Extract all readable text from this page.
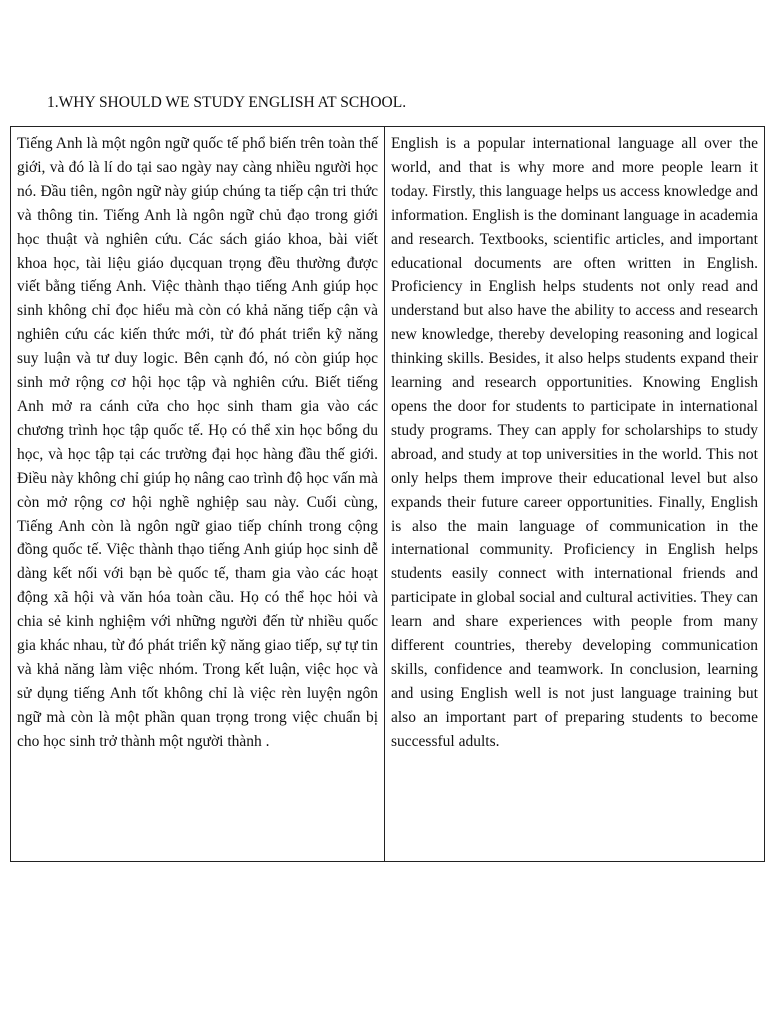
1.WHY SHOULD WE STUDY ENGLISH AT SCHOOL.
Tiếng Anh là một ngôn ngữ quốc tế phổ biến trên toàn thế giới, và đó là lí do tại sao ngày nay càng nhiều người học nó. Đầu tiên, ngôn ngữ này giúp chúng ta tiếp cận tri thức và thông tin. Tiếng Anh là ngôn ngữ chủ đạo trong giới học thuật và nghiên cứu. Các sách giáo khoa, bài viết khoa học, tài liệu giáo dụcquan trọng đều thường được viết bằng tiếng Anh. Việc thành thạo tiếng Anh giúp học sinh không chỉ đọc hiểu mà còn có khả năng tiếp cận và nghiên cứu các kiến thức mới, từ đó phát triển kỹ năng suy luận và tư duy logic. Bên cạnh đó, nó còn giúp học sinh mở rộng cơ hội học tập và nghiên cứu. Biết tiếng Anh mở ra cánh cửa cho học sinh tham gia vào các chương trình học tập quốc tế. Họ có thể xin học bổng du học, và học tập tại các trường đại học hàng đầu thế giới. Điều này không chỉ giúp họ nâng cao trình độ học vấn mà còn mở rộng cơ hội nghề nghiệp sau này. Cuối cùng, Tiếng Anh còn là ngôn ngữ giao tiếp chính trong cộng đồng quốc tế. Việc thành thạo tiếng Anh giúp học sinh dễ dàng kết nối với bạn bè quốc tế, tham gia vào các hoạt động xã hội và văn hóa toàn cầu. Họ có thể học hỏi và chia sẻ kinh nghiệm với những người đến từ nhiều quốc gia khác nhau, từ đó phát triển kỹ năng giao tiếp, sự tự tin và khả năng làm việc nhóm. Trong kết luận, việc học và sử dụng tiếng Anh tốt không chỉ là việc rèn luyện ngôn ngữ mà còn là một phần quan trọng trong việc chuẩn bị cho học sinh trở thành một người thành .	English is a popular international language all over the world, and that is why more and more people learn it today. Firstly, this language helps us access knowledge and information. English is the dominant language in academia and research. Textbooks, scientific articles, and important educational documents are often written in English. Proficiency in English helps students not only read and understand but also have the ability to access and research new knowledge, thereby developing reasoning and logical thinking skills. Besides, it also helps students expand their learning and research opportunities. Knowing English opens the door for students to participate in international study programs. They can apply for scholarships to study abroad, and study at top universities in the world. This not only helps them improve their educational level but also expands their future career opportunities. Finally, English is also the main language of communication in the international community. Proficiency in English helps students easily connect with international friends and participate in global social and cultural activities. They can learn and share experiences with people from many different countries, thereby developing communication skills, confidence and teamwork. In conclusion, learning and using English well is not just language training but also an important part of preparing students to become successful adults.
